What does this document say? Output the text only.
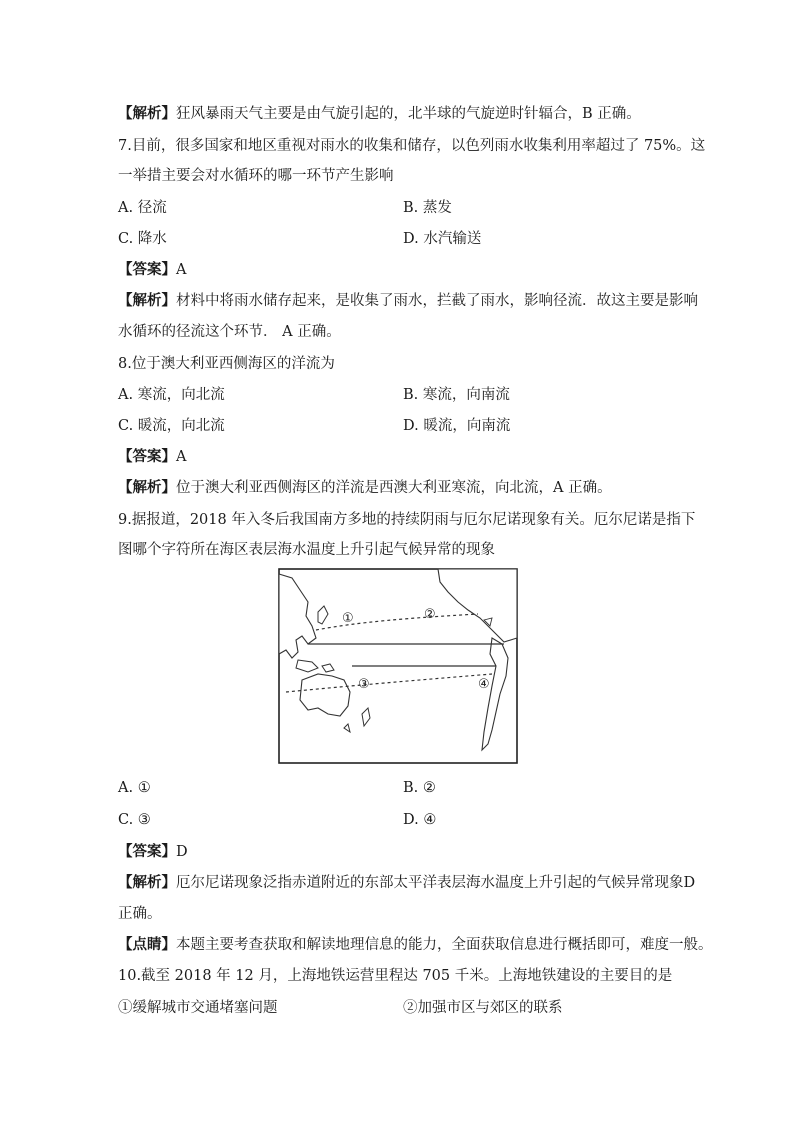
【解析】狂风暴雨天气主要是由气旋引起的，北半球的气旋逆时针辐合，B 正确。
7.目前，很多国家和地区重视对雨水的收集和储存，以色列雨水收集利用率超过了 75%。这
一举措主要会对水循环的哪一环节产生影响
A. 径流	B. 蒸发
C. 降水	D. 水汽输送
【答案】A
【解析】材料中将雨水储存起来，是收集了雨水，拦截了雨水，影响径流．故这主要是影响
水循环的径流这个环节． A 正确。
8.位于澳大利亚西侧海区的洋流为
A. 寒流，向北流	B. 寒流，向南流
C. 暖流，向北流	D. 暖流，向南流
【答案】A
【解析】位于澳大利亚西侧海区的洋流是西澳大利亚寒流，向北流，A 正确。
9.据报道，2018 年入冬后我国南方多地的持续阴雨与厄尔尼诺现象有关。厄尔尼诺是指下
图哪个字符所在海区表层海水温度上升引起气候异常的现象
①	②
③	④
A. ①	B. ②
C. ③	D. ④
【答案】D
【解析】厄尔尼诺现象泛指赤道附近的东部太平洋表层海水温度上升引起的气候异常现象D
正确。
【点睛】本题主要考查获取和解读地理信息的能力，全面获取信息进行概括即可，难度一般。
10.截至 2018 年 12 月，上海地铁运营里程达 705 千米。上海地铁建设的主要目的是
①缓解城市交通堵塞问题	②加强市区与郊区的联系
